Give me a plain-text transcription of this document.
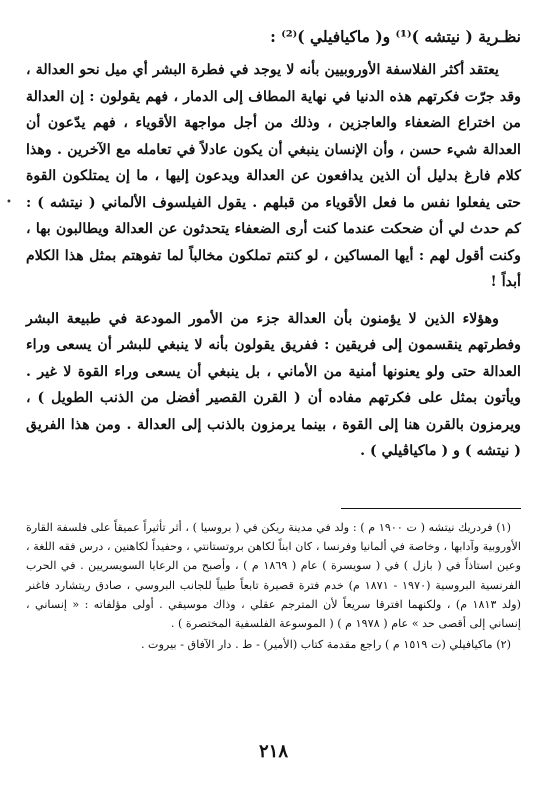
نظـرية ( نيتشه )⁽¹⁾ و( ماكيافيلي )⁽²⁾ :

يعتقد أكثر الفلاسفة الأوروبيين بأنه لا يوجد في فطرة البشر أي ميل نحو العدالة ، وقد جرّت فكرتهم هذه الدنيا في نهاية المطاف إلى الدمار ، فهم يقولون : إن العدالة من اختراع الضعفاء والعاجزين ، وذلك من أجل مواجهة الأقوياء ، فهم يدّعون أن العدالة شيء حسن ، وأن الإنسان ينبغي أن يكون عادلاً في تعامله مع الآخرين . وهذا كلام فارغ بدليل أن الذين يدافعون عن العدالة ويدعون إليها ، ما إن يمتلكون القوة حتى يفعلوا نفس ما فعل الأقوياء من قبلهم . يقول الفيلسوف الألماني ( نيتشه ) : كم حدث لي أن ضحكت عندما كنت أرى الضعفاء يتحدثون عن العدالة ويطالبون بها ، وكنت أقول لهم : أيها المساكين ، لو كنتم تملكون مخالباً لما تفوهتم بمثل هذا الكلام أبداً !

وهؤلاء الذين لا يؤمنون بأن العدالة جزء من الأمور المودعة في طبيعة البشر وفطرتهم ينقسمون إلى فريقين : ففريق يقولون بأنه لا ينبغي للبشر أن يسعى وراء العدالة حتى ولو يعنونها أمنية من الأماني ، بل ينبغي أن يسعى وراء القوة لا غير . ويأتون بمثل على فكرتهم مفاده أن ( القرن القصير أفضل من الذنب الطويل ) ، ويرمزون بالقرن هنا إلى القوة ، بينما يرمزون بالذنب إلى العدالة . ومن هذا الفريق ( نيتشه ) و ( ماكياڤيلي ) .

(١) فردريك نيتشه ( ت ١٩٠٠ م ) : ولد في مدينة ريكن في ( بروسيا ) ، أثر تأثيراً عميقاً على فلسفة القارة الأوروبية وآدابها ، وخاصة في ألمانيا وفرنسا ، كان ابناً لكاهن بروتستانتي ، وحفيداً لكاهنين ، درس فقه اللغة ، وعين استاذاً في ( بازل ) في ( سويسرة ) عام ( ١٨٦٩ م ) ، وأصبح من الرعايا السويسريين . في الحرب الفرنسية البروسية (١٩٧٠ - ١٨٧١ م) خدم فترة قصيرة تابعاً طبياً للجانب البروسي ، صادق ريتشارد فاغنر (ولد ١٨١٣ م) ، ولكنهما افترقا سريعاً لأن المترجم عقلي ، وذاك موسيقي . أولى مؤلفاته : « إنساني ، إنساني إلى أقصى حد » عام ( ١٩٧٨ م ) ( الموسوعة الفلسفية المختصرة ) .

(٢) ماكيافيلي (ت ١٥١٩ م ) راجع مقدمة كتاب (الأمير) - ط . دار الآفاق - بيروت .

•
٢١٨
